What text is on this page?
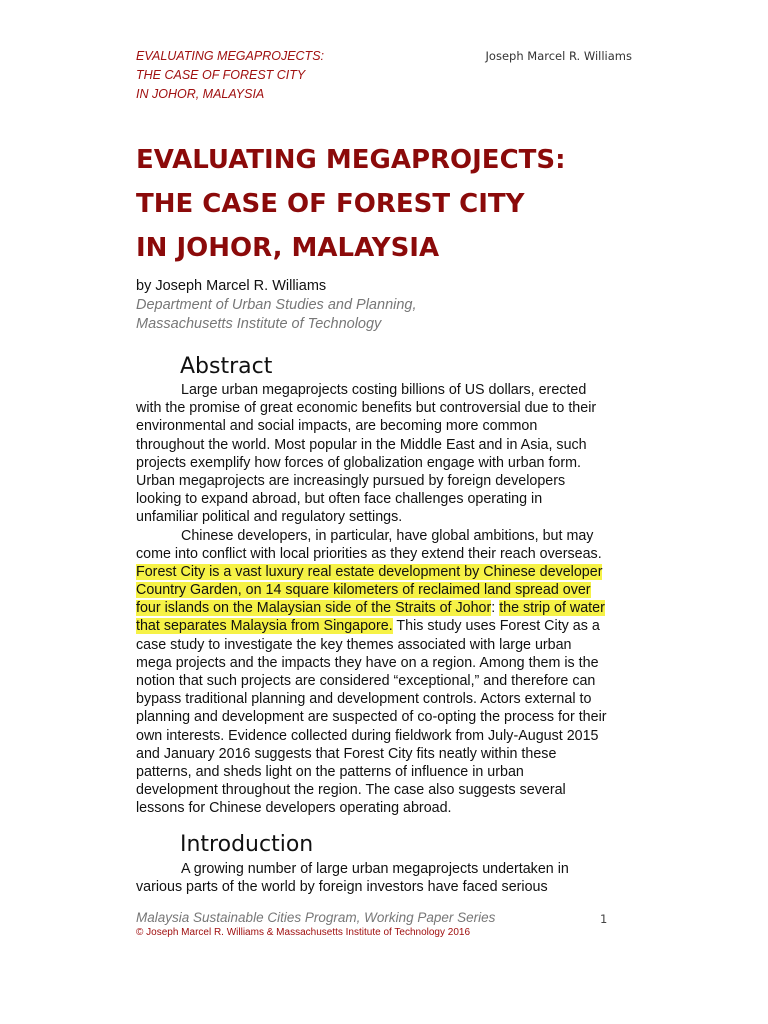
EVALUATING MEGAPROJECTS:
THE CASE OF FOREST CITY
IN JOHOR, MALAYSIA
Joseph Marcel R. Williams
EVALUATING MEGAPROJECTS:
THE CASE OF FOREST CITY
IN JOHOR, MALAYSIA
by Joseph Marcel R. Williams
Department of Urban Studies and Planning,
Massachusetts Institute of Technology
Abstract
Large urban megaprojects costing billions of US dollars, erected
with the promise of great economic benefits but controversial due to their
environmental and social impacts, are becoming more common
throughout the world. Most popular in the Middle East and in Asia, such
projects exemplify how forces of globalization engage with urban form.
Urban megaprojects are increasingly pursued by foreign developers
looking to expand abroad, but often face challenges operating in
unfamiliar political and regulatory settings.
Chinese developers, in particular, have global ambitions, but may
come into conflict with local priorities as they extend their reach overseas.
Forest City is a vast luxury real estate development by Chinese developer
Country Garden, on 14 square kilometers of reclaimed land spread over
four islands on the Malaysian side of the Straits of Johor: the strip of water
that separates Malaysia from Singapore. This study uses Forest City as a
case study to investigate the key themes associated with large urban
mega projects and the impacts they have on a region. Among them is the
notion that such projects are considered “exceptional,” and therefore can
bypass traditional planning and development controls. Actors external to
planning and development are suspected of co-opting the process for their
own interests. Evidence collected during fieldwork from July-August 2015
and January 2016 suggests that Forest City fits neatly within these
patterns, and sheds light on the patterns of influence in urban
development throughout the region. The case also suggests several
lessons for Chinese developers operating abroad.
Introduction
A growing number of large urban megaprojects undertaken in
various parts of the world by foreign investors have faced serious
Malaysia Sustainable Cities Program, Working Paper Series	1
© Joseph Marcel R. Williams & Massachusetts Institute of Technology 2016
